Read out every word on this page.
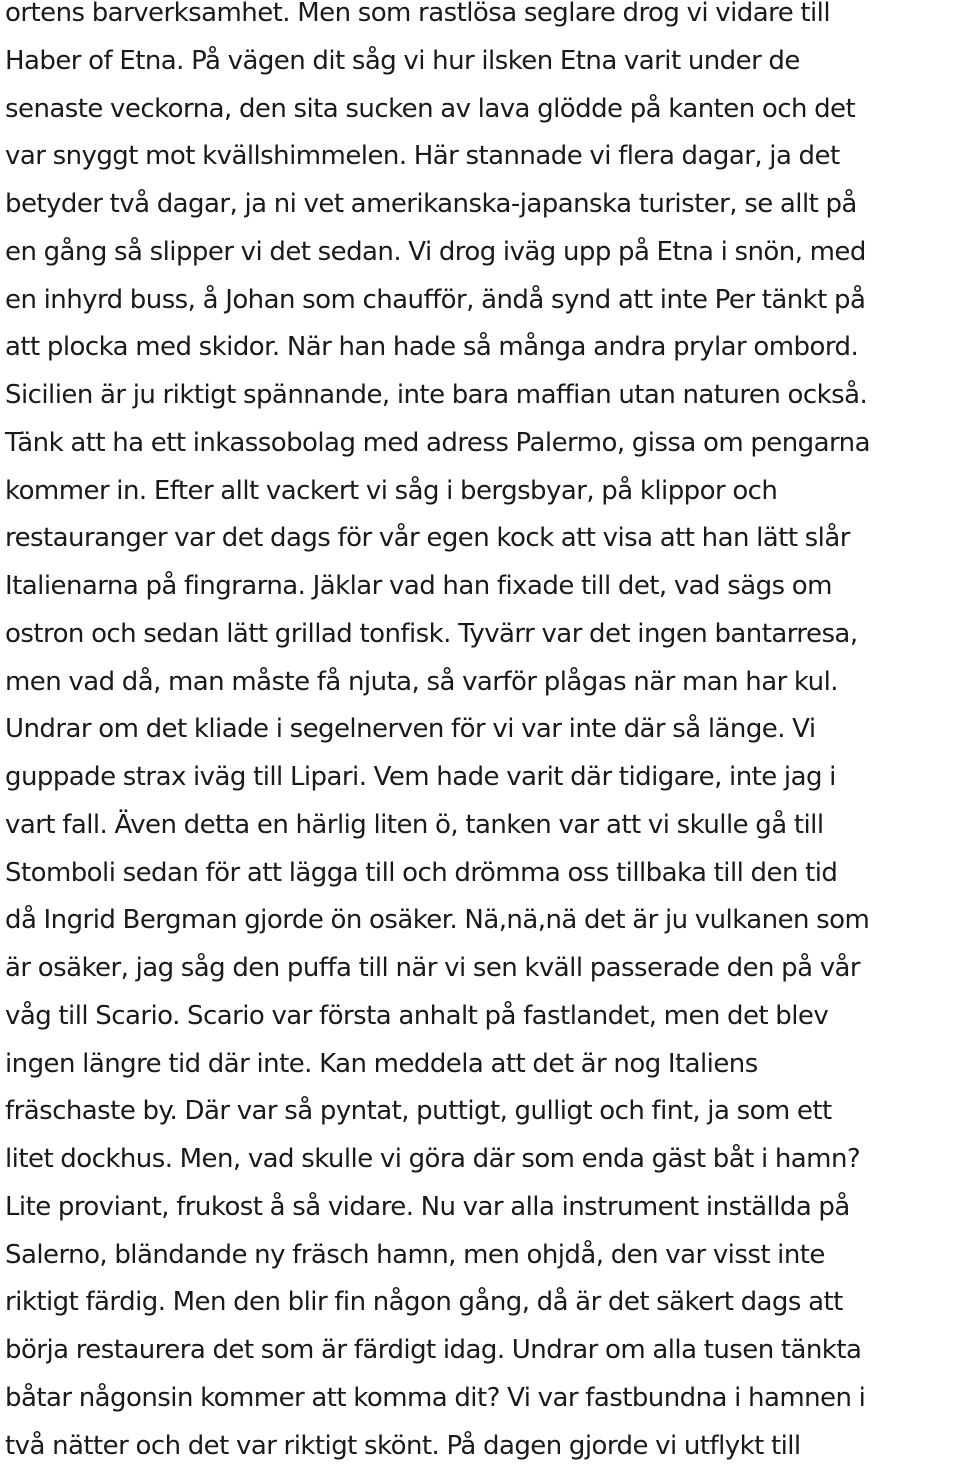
ortens barverksamhet. Men som rastlösa seglare drog vi vidare till
Haber of Etna. På vägen dit såg vi hur ilsken Etna varit under de
senaste veckorna, den sita sucken av lava glödde på kanten och det
var snyggt mot kvällshimmelen. Här stannade vi flera dagar, ja det
betyder två dagar, ja ni vet amerikanska-japanska turister, se allt på
en gång så slipper vi det sedan. Vi drog iväg upp på Etna i snön, med
en inhyrd buss, å Johan som chaufför, ändå synd att inte Per tänkt på
att plocka med skidor. När han hade så många andra prylar ombord.
Sicilien är ju riktigt spännande, inte bara maffian utan naturen också.
Tänk att ha ett inkassobolag med adress Palermo, gissa om pengarna
kommer in. Efter allt vackert vi såg i bergsbyar, på klippor och
restauranger var det dags för vår egen kock att visa att han lätt slår
Italienarna på fingrarna. Jäklar vad han fixade till det, vad sägs om
ostron och sedan lätt grillad tonfisk. Tyvärr var det ingen bantarresa,
men vad då, man måste få njuta, så varför plågas när man har kul.
Undrar om det kliade i segelnerven för vi var inte där så länge. Vi
guppade strax iväg till Lipari. Vem hade varit där tidigare, inte jag i
vart fall. Även detta en härlig liten ö, tanken var att vi skulle gå till
Stomboli sedan för att lägga till och drömma oss tillbaka till den tid
då Ingrid Bergman gjorde ön osäker. Nä,nä,nä det är ju vulkanen som
är osäker, jag såg den puffa till när vi sen kväll passerade den på vår
våg till Scario. Scario var första anhalt på fastlandet, men det blev
ingen längre tid där inte. Kan meddela att det är nog Italiens
fräschaste by. Där var så pyntat, puttigt, gulligt och fint, ja som ett
litet dockhus. Men, vad skulle vi göra där som enda gäst båt i hamn?
Lite proviant, frukost å så vidare. Nu var alla instrument inställda på
Salerno, bländande ny fräsch hamn, men ohjdå, den var visst inte
riktigt färdig. Men den blir fin någon gång, då är det säkert dags att
börja restaurera det som är färdigt idag. Undrar om alla tusen tänkta
båtar någonsin kommer att komma dit? Vi var fastbundna i hamnen i
två nätter och det var riktigt skönt. På dagen gjorde vi utflykt till
